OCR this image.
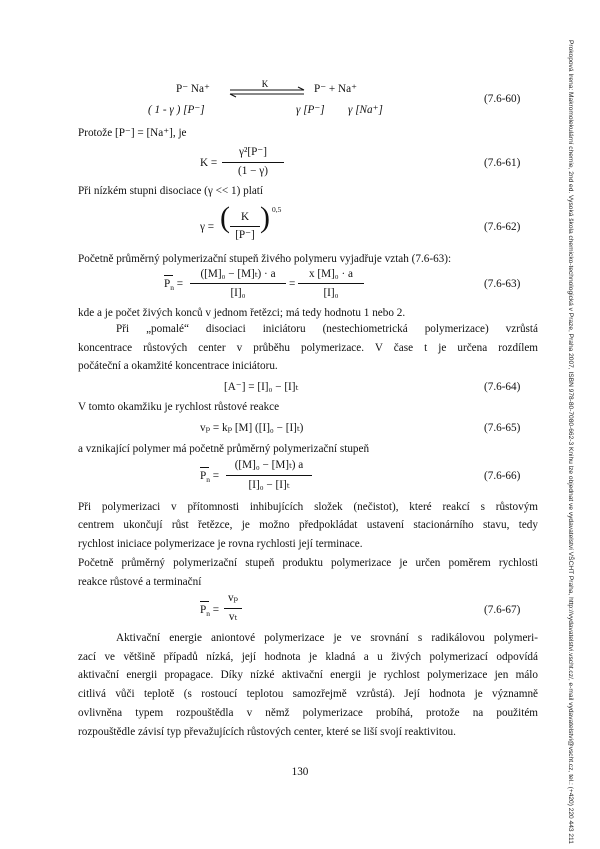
Prokopová Irena: Makromolekulární chemie, 2nd ed. Vysoká škola chemicko-technologická v Praze, Praha 2007, ISBN 978-80-7080-662-3 Knihu lze objednat ve vydavatelství VŠCHT Praha, http://vydavatelstvi.vscht.cz/, e-mail vydavatelstvi@vscht.cz, tel.: (+420) 220 443 211
P⁻ Na⁺	K	P⁻ + Na⁺
(7.6-60)
( 1 - γ ) [P⁻]	γ [P⁻] γ [Na⁺]
Protože [P⁻] = [Na⁺], je
K =
γ²[P⁻]
(1 − γ)
(7.6-61)
Při nízkém stupni disociace (γ << 1) platí
γ = ( K
[P⁻]
) 0,5
(7.6-62)
Početně průměrný polymerizační stupeň živého polymeru vyjadřuje vztah (7.6-63):
$P_n$ =
([M]₀ − [M]ₜ) · a
[I]₀
=
x [M]₀ · a
[I]₀
(7.6-63)
kde a je počet živých konců v jednom řetězci; má tedy hodnotu 1 nebo 2.
Při „pomalé“ disociaci iniciátoru (nestechiometrická polymerizace) vzrůstá
koncentrace růstových center v průběhu polymerizace. V čase t je určena rozdílem
počáteční a okamžité koncentrace iniciátoru.
[A⁻] = [I]₀ − [I]ₜ	(7.6-64)
V tomto okamžiku je rychlost růstové reakce
vₚ = kₚ [M] ([I]₀ − [I]ₜ)	(7.6-65)
a vznikající polymer má početně průměrný polymerizační stupeň
$P_n$ =
([M]₀ − [M]ₜ) a
[I]₀ − [I]ₜ
(7.6-66)
Při polymerizaci v přítomnosti inhibujících složek (nečistot), které reakcí s růstovým
centrem ukončují růst řetězce, je možno předpokládat ustavení stacionárního stavu, tedy
rychlost iniciace polymerizace je rovna rychlosti její terminace.
Početně průměrný polymerizační stupeň produktu polymerizace je určen poměrem rychlosti
reakce růstové a terminační
$P_n$ =
vₚ
vₜ
(7.6-67)
Aktivační energie aniontové polymerizace je ve srovnání s radikálovou polymeri-
zací ve většině případů nízká, její hodnota je kladná a u živých polymerizací odpovídá
aktivační energii propagace. Díky nízké aktivační energii je rychlost polymerizace jen málo
citlivá vůči teplotě (s rostoucí teplotou samozřejmě vzrůstá). Její hodnota je významně
ovlivněna typem rozpouštědla v němž polymerizace probíhá, protože na použitém
rozpouštědle závisí typ převažujících růstových center, které se liší svojí reaktivitou.
130
